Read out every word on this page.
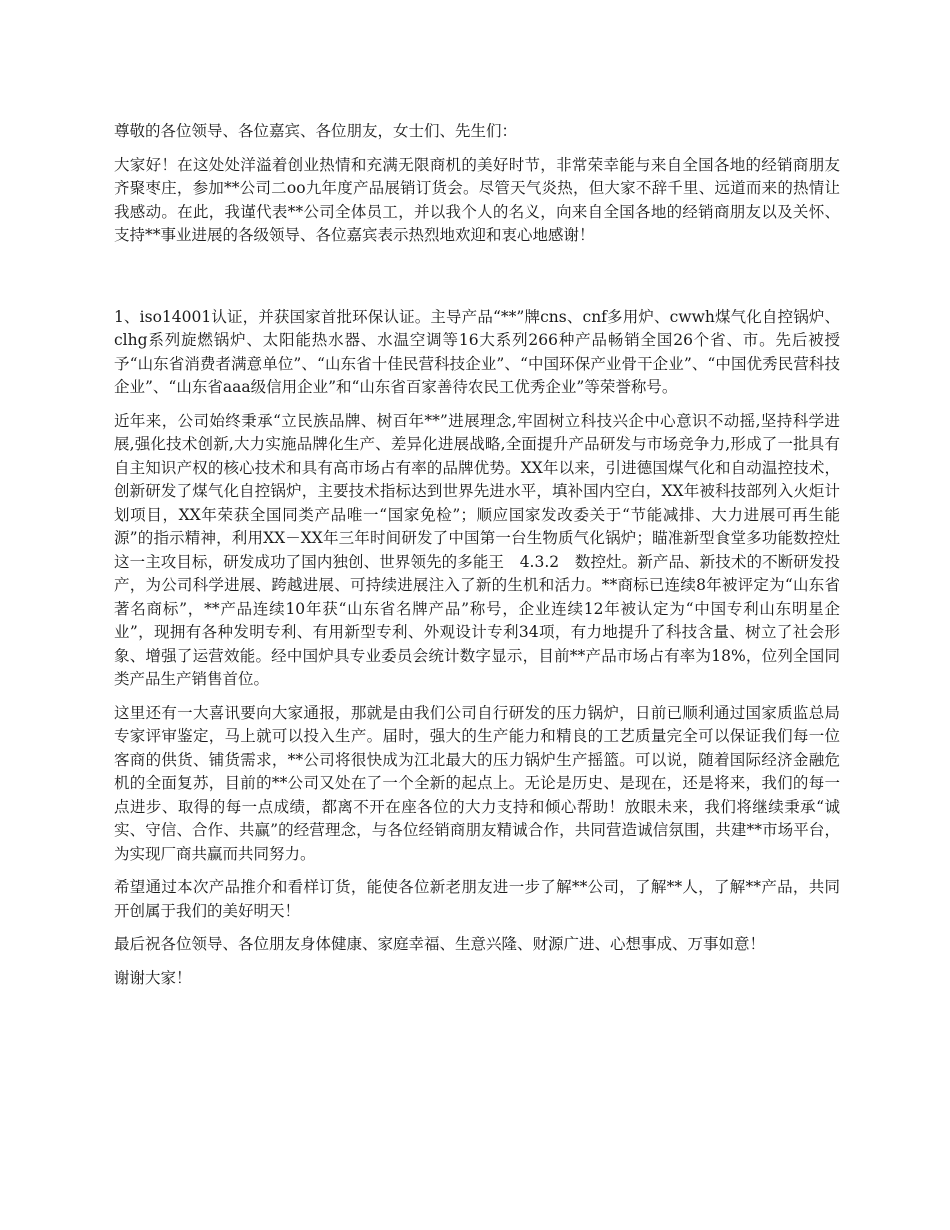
尊敬的各位领导、各位嘉宾、各位朋友，女士们、先生们：

大家好！在这处处洋溢着创业热情和充满无限商机的美好时节，非常荣幸能与来自全国各地的经销商朋友齐聚枣庄，参加**公司二oo九年度产品展销订货会。尽管天气炎热，但大家不辞千里、远道而来的热情让 我感动。在此，我谨代表**公司全体员工，并以我个人的名义，向来自全国各地的经销商朋友以及关怀、支持**事业进展的各级领导、各位嘉宾表示热烈地欢迎和衷心地感谢！

1、iso14001认证，并获国家首批环保认证。主导产品“**”牌cns、cnf多用炉、cwwh煤气化自控锅炉、clhg系列旋燃锅炉、太阳能热水器、水温空调等16大系列266种产品畅销全国26个省、市。先后被授予“山东省消费者满意单位”、“山东省十佳民营科技企业”、“中国环保产业骨干企业”、“中国优秀民营科技企业”、“山东省aaa级信用企业”和“山东省百家善待农民工优秀企业”等荣誉称号。

近年来，公司始终秉承“立民族品牌、树百年**”进展理念,牢固树立科技兴企中心意识不动摇,坚持科学进展,强化技术创新,大力实施品牌化生产、差异化进展战略,全面提升产品研发与市场竞争力,形成了一批具有自主知识产权的核心技术和具有高市场占有率的品牌优势。XX年以来，引进德国煤气化和自动温控技术，创新研发了煤气化自控锅炉，主要技术指标达到世界先进水平，填补国内空白，XX年被科技部列入火炬计划项目，XX年荣获全国同类产品唯一“国家免检”；顺应国家发改委关于“节能减排、大力进展可再生能源”的指示精神，利用XX－XX年三年时间研发了中国第一台生物质气化锅炉；瞄准新型食堂多功能数控灶这一主攻目标，研发成功了国内独创、世界领先的多能王　4.3.2　数控灶。新产品、新技术的不断研发投产，为公司科学进展、跨越进展、可持续进展注入了新的生机和活力。**商标已连续8年被评定为“山东省著名商标”，**产品连续10年获“山东省名牌产品”称号，企业连续12年被认定为“中国专利山东明星企业”，现拥有各种发明专利、有用新型专利、外观设计专利34项，有力地提升了科技含量、树立了社会形象、增强了运营效能。经中国炉具专业委员会统计数字显示，目前**产品市场占有率为18%，位列全国同类产品生产销售首位。

这里还有一大喜讯要向大家通报，那就是由我们公司自行研发的压力锅炉，日前已顺利通过国家质监总局专家评审鉴定，马上就可以投入生产。届时，强大的生产能力和精良的工艺质量完全可以保证我们每一位客商的供货、铺货需求，**公司将很快成为江北最大的压力锅炉生产摇篮。可以说，随着国际经济金融危机的全面复苏，目前的**公司又处在了一个全新的起点上。无论是历史、是现在，还是将来，我们的每一点进步、取得的每一点成绩，都离不开在座各位的大力支持和倾心帮助！放眼未来，我们将继续秉承“诚实、守信、合作、共赢”的经营理念，与各位经销商朋友精诚合作，共同营造诚信氛围，共建**市场平台，为实现厂商共赢而共同努力。

希望通过本次产品推介和看样订货，能使各位新老朋友进一步了解**公司，了解**人，了解**产品，共同开创属于我们的美好明天！

最后祝各位领导、各位朋友身体健康、家庭幸福、生意兴隆、财源广进、心想事成、万事如意！

谢谢大家！
